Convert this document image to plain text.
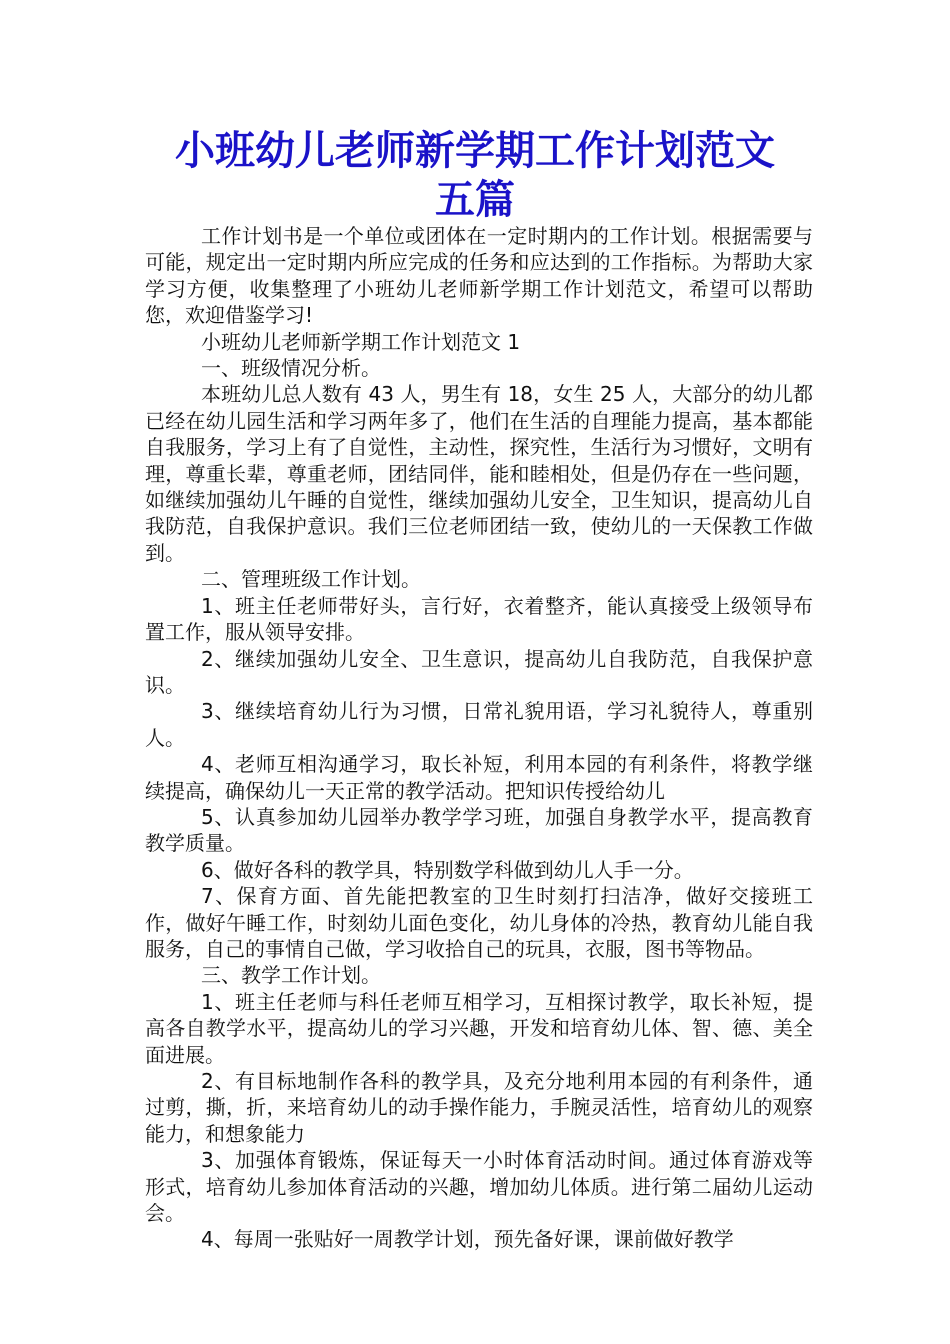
小班幼儿老师新学期工作计划范文
五篇

工作计划书是一个单位或团体在一定时期内的工作计划。根据需要与可能，规定出一定时期内所应完成的任务和应达到的工作指标。为帮助大家学习方便，收集整理了小班幼儿老师新学期工作计划范文，希望可以帮助您，欢迎借鉴学习!

小班幼儿老师新学期工作计划范文 1

一、班级情况分析。

本班幼儿总人数有 43 人，男生有 18，女生 25 人，大部分的幼儿都已经在幼儿园生活和学习两年多了，他们在生活的自理能力提高，基本都能自我服务，学习上有了自觉性，主动性，探究性，生活行为习惯好，文明有理，尊重长辈，尊重老师，团结同伴，能和睦相处，但是仍存在一些问题，如继续加强幼儿午睡的自觉性，继续加强幼儿安全，卫生知识，提高幼儿自我防范，自我保护意识。我们三位老师团结一致，使幼儿的一天保教工作做到。

二、管理班级工作计划。

1、班主任老师带好头，言行好，衣着整齐，能认真接受上级领导布置工作，服从领导安排。

2、继续加强幼儿安全、卫生意识，提高幼儿自我防范，自我保护意识。

3、继续培育幼儿行为习惯，日常礼貌用语，学习礼貌待人，尊重别人。

4、老师互相沟通学习，取长补短，利用本园的有利条件，将教学继续提高，确保幼儿一天正常的教学活动。把知识传授给幼儿

5、认真参加幼儿园举办教学学习班，加强自身教学水平，提高教育教学质量。

6、做好各科的教学具，特别数学科做到幼儿人手一分。

7、保育方面、首先能把教室的卫生时刻打扫洁净，做好交接班工作，做好午睡工作，时刻幼儿面色变化，幼儿身体的冷热，教育幼儿能自我服务，自己的事情自己做，学习收拾自己的玩具，衣服，图书等物品。

三、教学工作计划。

1、班主任老师与科任老师互相学习，互相探讨教学，取长补短，提高各自教学水平，提高幼儿的学习兴趣，开发和培育幼儿体、智、德、美全面进展。

2、有目标地制作各科的教学具，及充分地利用本园的有利条件，通过剪，撕，折，来培育幼儿的动手操作能力，手腕灵活性，培育幼儿的观察能力，和想象能力

3、加强体育锻炼，保证每天一小时体育活动时间。通过体育游戏等形式，培育幼儿参加体育活动的兴趣，增加幼儿体质。进行第二届幼儿运动会。

4、每周一张贴好一周教学计划，预先备好课，课前做好教学
